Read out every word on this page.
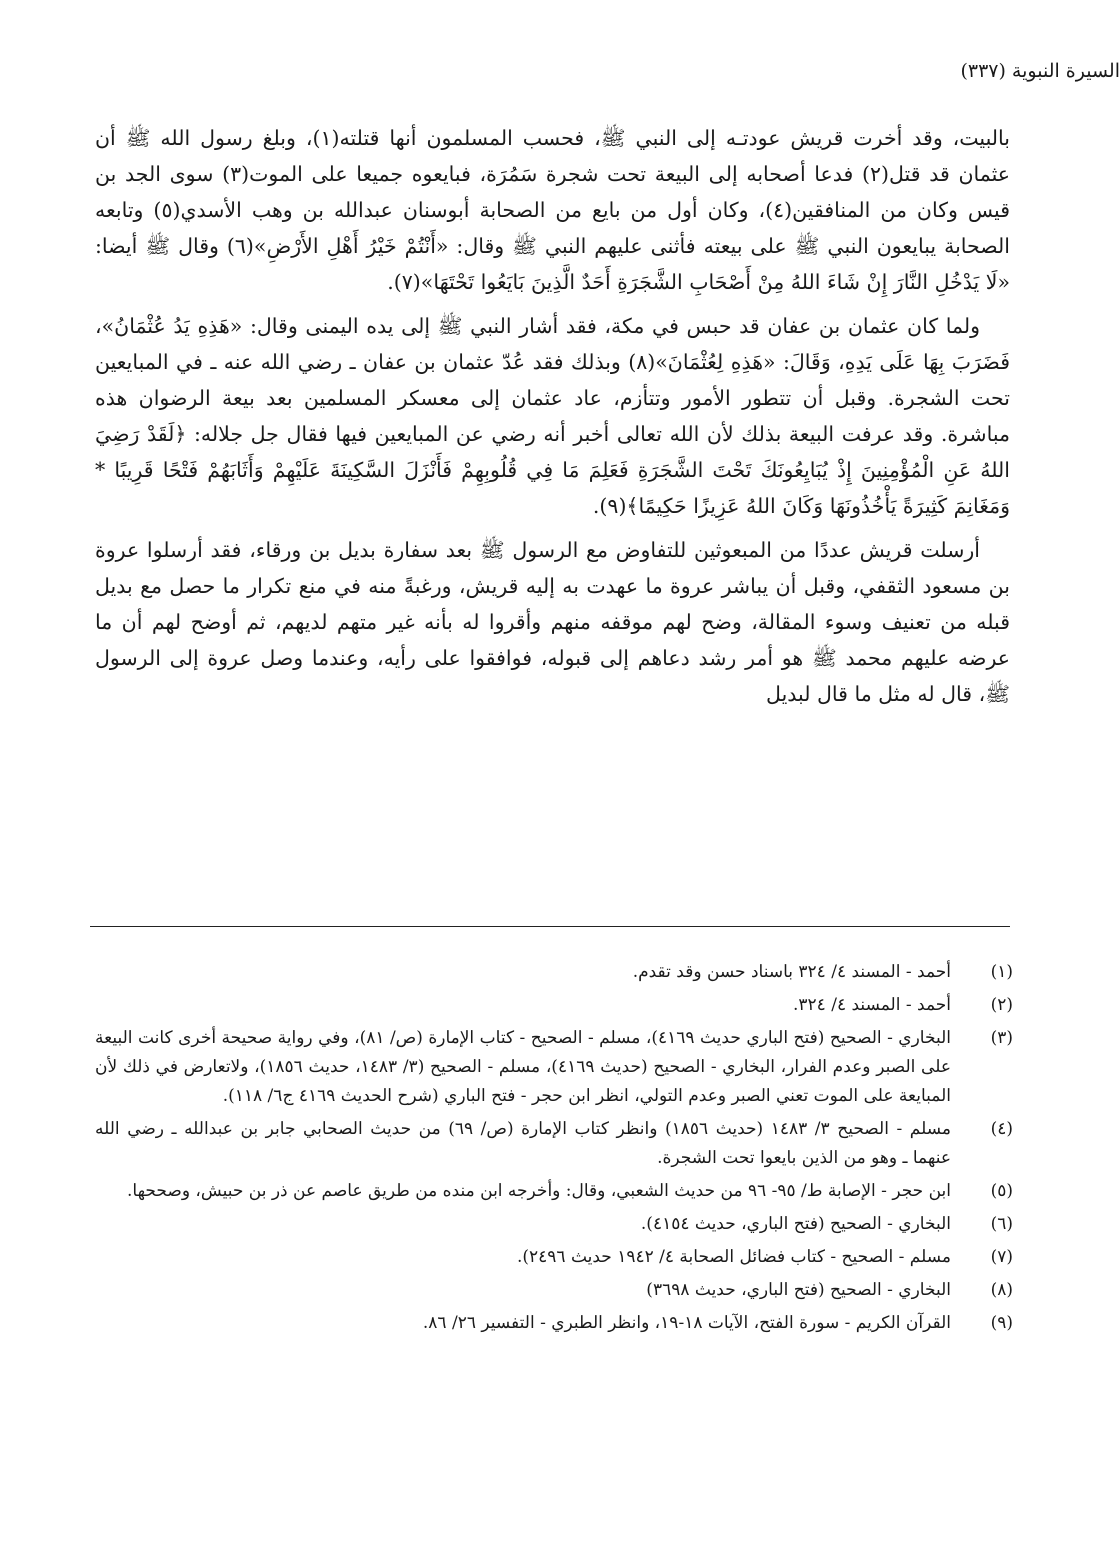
السيرة النبوية (٣٣٧)

بالبيت، وقد أخرت قريش عودتـه إلى النبي ﷺ، فحسب المسلمون أنها قتلته(١)، وبلغ رسول الله ﷺ أن عثمان قد قتل(٢) فدعا أصحابه إلى البيعة تحت شجرة سَمُرَة، فبايعوه جميعا على الموت(٣) سوى الجد بن قيس وكان من المنافقين(٤)، وكان أول من بايع من الصحابة أبوسنان عبدالله بن وهب الأسدي(٥) وتابعه الصحابة يبايعون النبي ﷺ على بيعته فأثنى عليهم النبي ﷺ وقال: «أَنْتُمْ خَيْرُ أَهْلِ الأَرْضِ»(٦) وقال ﷺ أيضا: «لَا يَدْخُلِ النَّارَ إِنْ شَاءَ اللهُ مِنْ أَصْحَابِ الشَّجَرَةِ أَحَدٌ الَّذِينَ بَايَعُوا تَحْتَهَا»(٧).

ولما كان عثمان بن عفان قد حبس في مكة، فقد أشار النبي ﷺ إلى يده اليمنى وقال: «هَذِهِ يَدُ عُثْمَانُ»، فَضَرَبَ بِهَا عَلَى يَدِهِ، وَقَالَ: «هَذِهِ لِعُثْمَانَ»(٨) وبذلك فقد عُدّ عثمان بن عفان ـ رضي الله عنه ـ في المبايعين تحت الشجرة. وقبل أن تتطور الأمور وتتأزم، عاد عثمان إلى معسكر المسلمين بعد بيعة الرضوان هذه مباشرة. وقد عرفت البيعة بذلك لأن الله تعالى أخبر أنه رضي عن المبايعين فيها فقال جل جلاله: ﴿لَقَدْ رَضِيَ اللهُ عَنِ الْمُؤْمِنِينَ إِذْ يُبَايِعُونَكَ تَحْتَ الشَّجَرَةِ فَعَلِمَ مَا فِي قُلُوبِهِمْ فَأَنْزَلَ السَّكِينَةَ عَلَيْهِمْ وَأَثَابَهُمْ فَتْحًا قَرِيبًا * وَمَغَانِمَ كَثِيرَةً يَأْخُذُونَهَا وَكَانَ اللهُ عَزِيزًا حَكِيمًا﴾(٩).

أرسلت قريش عددًا من المبعوثين للتفاوض مع الرسول ﷺ بعد سفارة بديل بن ورقاء، فقد أرسلوا عروة بن مسعود الثقفي، وقبل أن يباشر عروة ما عهدت به إليه قريش، ورغبةً منه في منع تكرار ما حصل مع بديل قبله من تعنيف وسوء المقالة، وضح لهم موقفه منهم وأقروا له بأنه غير متهم لديهم، ثم أوضح لهم أن ما عرضه عليهم محمد ﷺ هو أمر رشد دعاهم إلى قبوله، فوافقوا على رأيه، وعندما وصل عروة إلى الرسول ﷺ، قال له مثل ما قال لبديل

(١)
أحمد - المسند ٤/ ٣٢٤ باسناد حسن وقد تقدم.
(٢)
أحمد - المسند ٤/ ٣٢٤.
(٣)
البخاري - الصحيح (فتح الباري حديث ٤١٦٩)، مسلم - الصحيح - كتاب الإمارة (ص/ ٨١)، وفي رواية صحيحة أخرى كانت البيعة على الصبر وعدم الفرار، البخاري - الصحيح (حديث ٤١٦٩)، مسلم - الصحيح (٣/ ١٤٨٣، حديث ١٨٥٦)، ولاتعارض في ذلك لأن المبايعة على الموت تعني الصبر وعدم التولي، انظر ابن حجر - فتح الباري (شرح الحديث ٤١٦٩ ج٦/ ١١٨).
(٤)
مسلم - الصحيح ٣/ ١٤٨٣ (حديث ١٨٥٦) وانظر كتاب الإمارة (ص/ ٦٩) من حديث الصحابي جابر بن عبدالله ـ رضي الله عنهما ـ وهو من الذين بايعوا تحت الشجرة.
(٥)
ابن حجر - الإصابة ط/ ٩٥- ٩٦ من حديث الشعبي، وقال: وأخرجه ابن منده من طريق عاصم عن ذر بن حبيش، وصححها.
(٦)
البخاري - الصحيح (فتح الباري، حديث ٤١٥٤).
(٧)
مسلم - الصحيح - كتاب فضائل الصحابة ٤/ ١٩٤٢ حديث ٢٤٩٦).
(٨)
البخاري - الصحيح (فتح الباري، حديث ٣٦٩٨)
(٩)
القرآن الكريم - سورة الفتح، الآيات ١٨-١٩، وانظر الطبري - التفسير ٢٦/ ٨٦.
